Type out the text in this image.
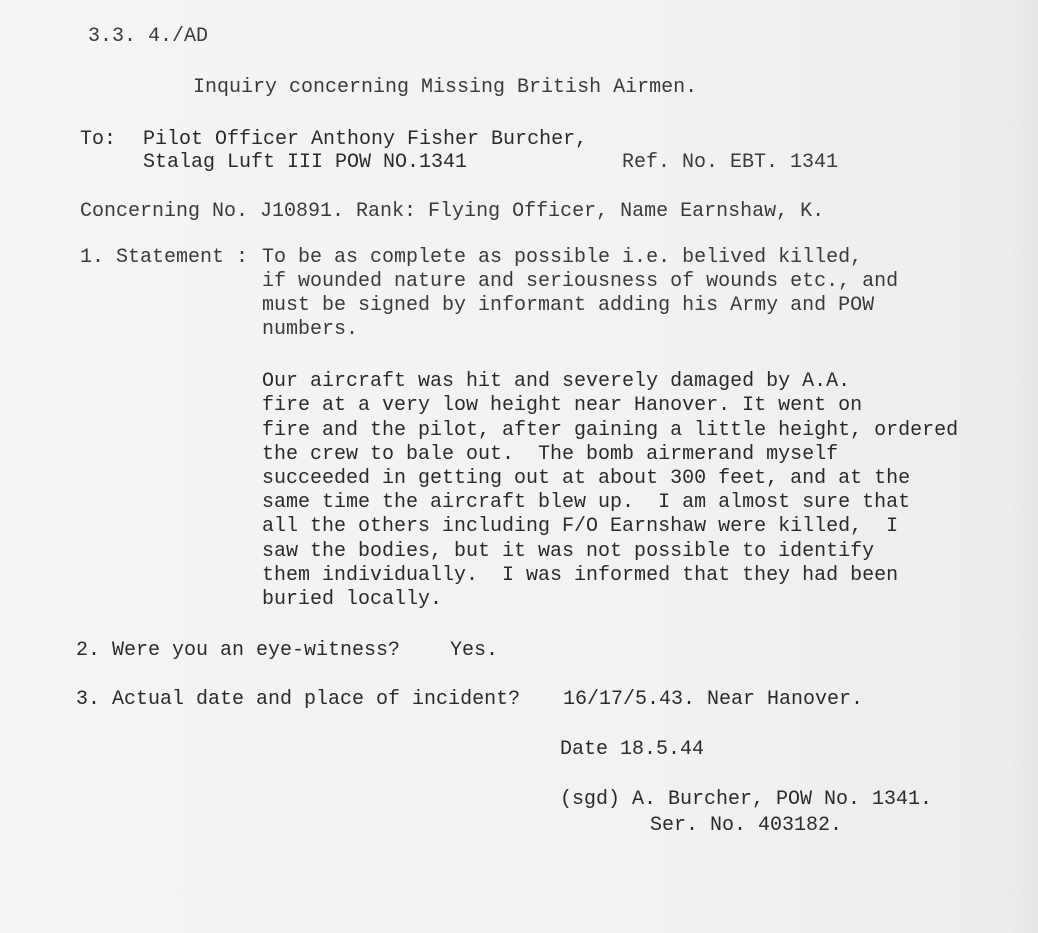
3.3. 4./AD
Inquiry concerning Missing British Airmen.
To: Pilot Officer Anthony Fisher Burcher,
Stalag Luft III POW NO.1341	Ref. No. EBT. 1341
Concerning No. J10891. Rank: Flying Officer, Name Earnshaw, K.
1. Statement : To be as complete as possible i.e. belived killed,
if wounded nature and seriousness of wounds etc., and
must be signed by informant adding his Army and POW
numbers.
Our aircraft was hit and severely damaged by A.A.
fire at a very low height near Hanover. It went on
fire and the pilot, after gaining a little height, ordered
the crew to bale out.  The bomb airmerand myself
succeeded in getting out at about 300 feet, and at the
same time the aircraft blew up.  I am almost sure that
all the others including F/O Earnshaw were killed,  I
saw the bodies, but it was not possible to identify
them individually.  I was informed that they had been
buried locally.
2. Were you an eye-witness? Yes.
3. Actual date and place of incident? 16/17/5.43. Near Hanover.
Date 18.5.44
(sgd) A. Burcher, POW No. 1341.
Ser. No. 403182.
